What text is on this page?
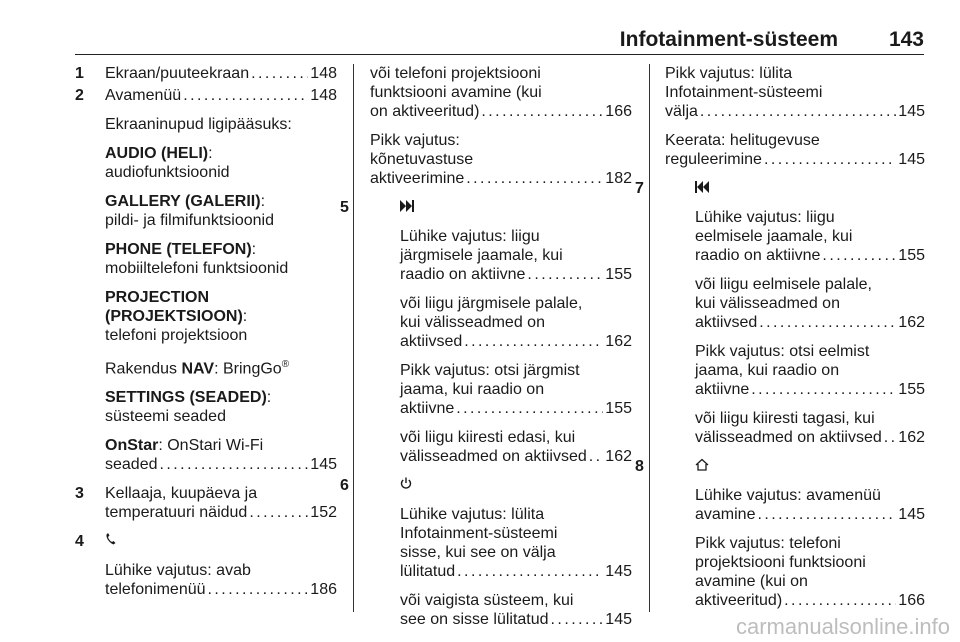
Infotainment-süsteem 143
1 Ekraan/puuteekraan . . .	148
2 Avamenüü . . .	148

Ekraaninupud ligipääsuks:

AUDIO (HELI):

audiofunktsioonid

GALLERY (GALERII):

pildi- ja filmifunktsioonid

PHONE (TELEFON):

mobiiltelefoni funktsioonid

PROJECTION

(PROJEKTSIOON):

telefoni projektsioon

Rakendus NAV: BringGo®

SETTINGS (SEADED):

süsteemi seaded

OnStar: OnStari Wi-Fi

seaded . . .	145
3 Kellaaja, kuupäeva ja

temperatuuri näidud . . .	152
4

Lühike vajutus: avab

telefonimenüü . . .	186

või telefoni projektsiooni

funktsiooni avamine (kui

on aktiveeritud) . . .	166

Pikk vajutus:

kõnetuvastuse

aktiveerimine . . .	182
5

Lühike vajutus: liigu

järgmisele jaamale, kui

raadio on aktiivne . . .	155

või liigu järgmisele palale,

kui välisseadmed on

aktiivsed . . .	162

Pikk vajutus: otsi järgmist

jaama, kui raadio on

aktiivne . . .	155

või liigu kiiresti edasi, kui

välisseadmed on aktiivsed . . . 162
6

Lühike vajutus: lülita

Infotainment-süsteemi

sisse, kui see on välja

lülitatud . . .	145

või vaigista süsteem, kui

see on sisse lülitatud . . .	145

Pikk vajutus: lülita

Infotainment-süsteemi

välja . . .	145

Keerata: helitugevuse

reguleerimine . . .	145
7

Lühike vajutus: liigu

eelmisele jaamale, kui

raadio on aktiivne . . .	155

või liigu eelmisele palale,

kui välisseadmed on

aktiivsed . . .	162

Pikk vajutus: otsi eelmist

jaama, kui raadio on

aktiivne . . .	155

või liigu kiiresti tagasi, kui

välisseadmed on aktiivsed . . . 162
8

Lühike vajutus: avamenüü

avamine . . .	145

Pikk vajutus: telefoni

projektsiooni funktsiooni

avamine (kui on

aktiveeritud) . . .	166
carmanualsonline.info
